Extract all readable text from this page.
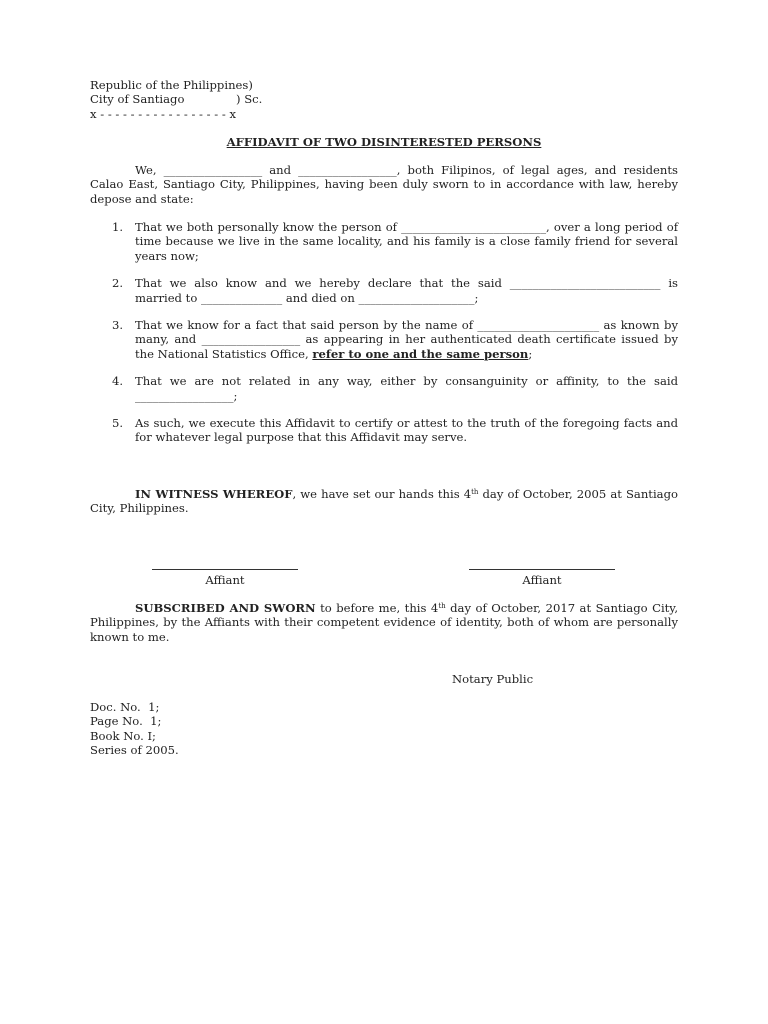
Republic of the Philippines)
City of Santiago              ) Sc.
x - - - - - - - - - - - - - - - - - x
AFFIDAVIT OF TWO DISINTERESTED PERSONS
We, _________________ and _________________, both Filipinos, of legal ages, and residents Calao East, Santiago City, Philippines, having been duly sworn to in accordance with law, hereby depose and state:
1. That we both personally know the person of _________________________, over a long period of time because we live in the same locality, and his family is a close family friend for several years now;
2. That we also know and we hereby declare that the said __________________________ is married to ______________ and died on ____________________;
3. That we know for a fact that said person by the name of _____________________ as known by many, and _________________ as appearing in her authenticated death certificate issued by the National Statistics Office, refer to one and the same person;
4. That we are not related in any way, either by consanguinity or affinity, to the said _________________;
5. As such, we execute this Affidavit to certify or attest to the truth of the foregoing facts and for whatever legal purpose that this Affidavit may serve.
IN WITNESS WHEREOF, we have set our hands this 4th day of October, 2005 at Santiago City, Philippines.
Affiant	Affiant
SUBSCRIBED AND SWORN to before me, this 4th day of October, 2017 at Santiago City, Philippines, by the Affiants with their competent evidence of identity, both of whom are personally known to me.
Notary Public
Doc. No.  1;
Page No.  1;
Book No. I;
Series of 2005.
